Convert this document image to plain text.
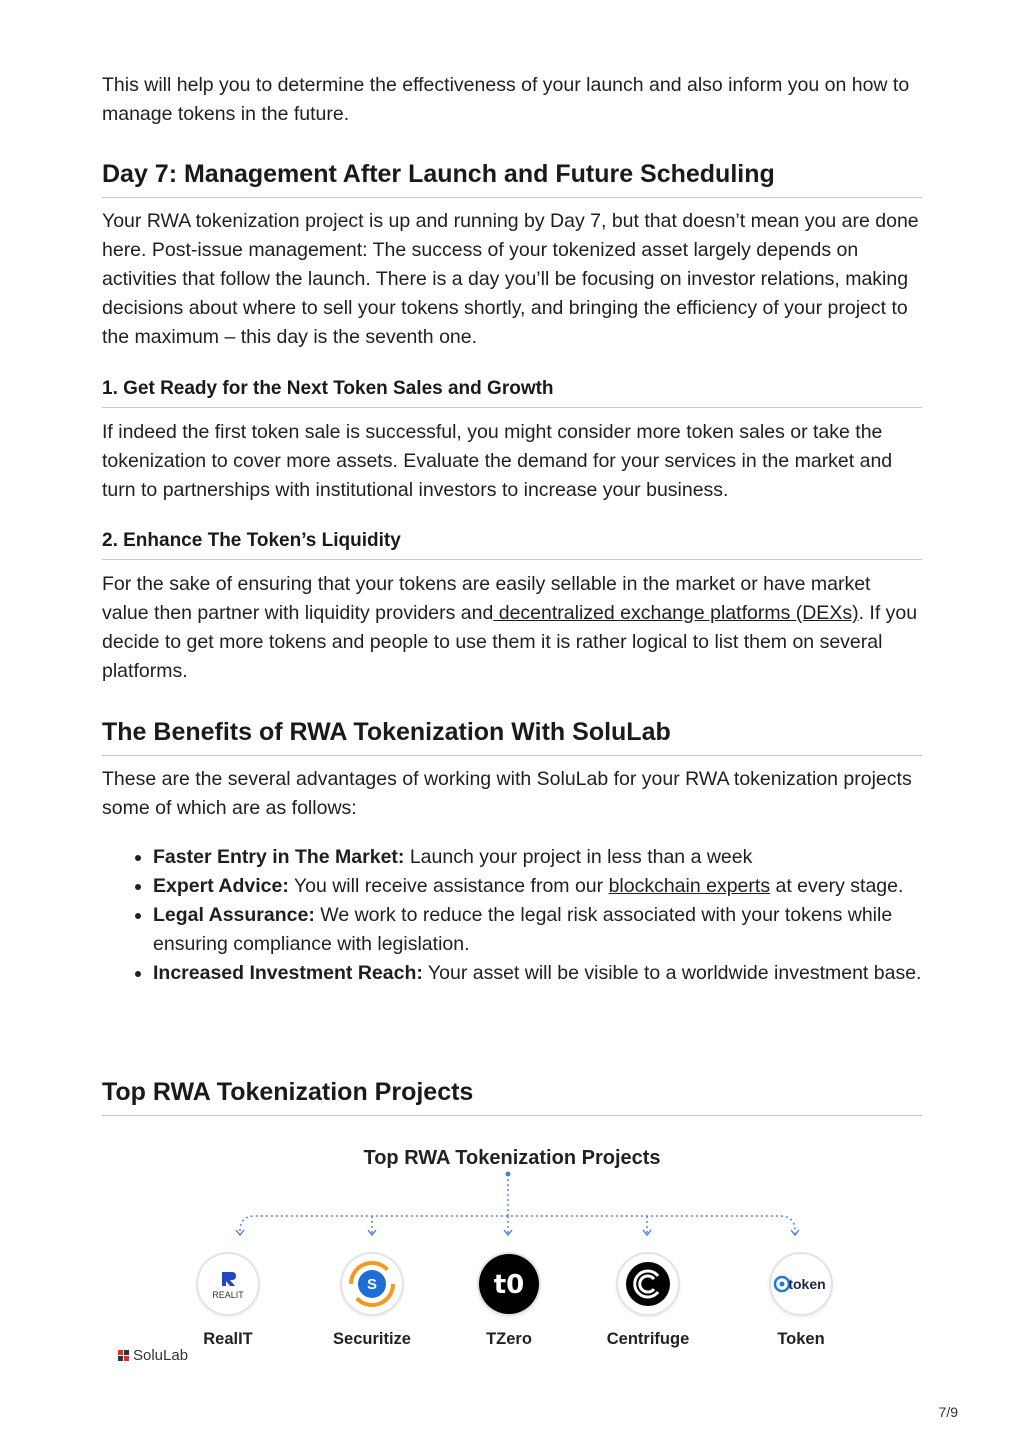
This will help you to determine the effectiveness of your launch and also inform you on how to manage tokens in the future.

Day 7: Management After Launch and Future Scheduling

Your RWA tokenization project is up and running by Day 7, but that doesn’t mean you are done here. Post-issue management: The success of your tokenized asset largely depends on activities that follow the launch. There is a day you’ll be focusing on investor relations, making decisions about where to sell your tokens shortly, and bringing the efficiency of your project to the maximum – this day is the seventh one.

1. Get Ready for the Next Token Sales and Growth

If indeed the first token sale is successful, you might consider more token sales or take the tokenization to cover more assets. Evaluate the demand for your services in the market and turn to partnerships with institutional investors to increase your business.

2. Enhance The Token’s Liquidity

For the sake of ensuring that your tokens are easily sellable in the market or have market value then partner with liquidity providers and decentralized exchange platforms (DEXs). If you decide to get more tokens and people to use them it is rather logical to list them on several platforms.

The Benefits of RWA Tokenization With SoluLab

These are the several advantages of working with SoluLab for your RWA tokenization projects some of which are as follows:

• Faster Entry in The Market: Launch your project in less than a week
• Expert Advice: You will receive assistance from our blockchain experts at every stage.
• Legal Assurance: We work to reduce the legal risk associated with your tokens while ensuring compliance with legislation.
• Increased Investment Reach: Your asset will be visible to a worldwide investment base.
Top RWA Tokenization Projects
Top RWA Tokenization Projects
REALIT
RealIT
S
Securitize
t0
TZero	Centrifuge
token
Token
SoluLab
7/9
